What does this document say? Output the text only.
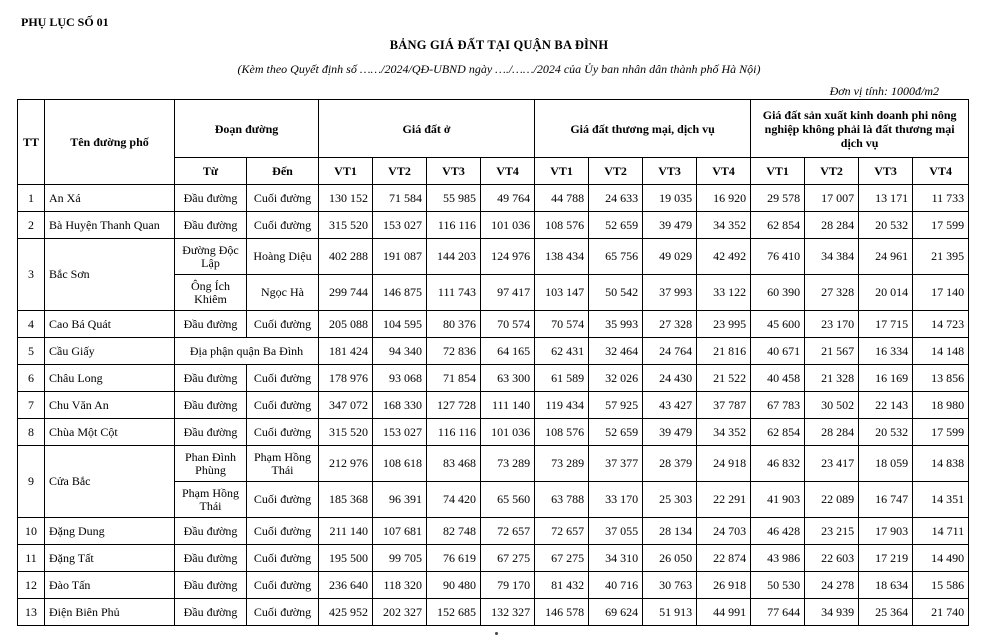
PHỤ LỤC SỐ 01
BẢNG GIÁ ĐẤT TẠI QUẬN BA ĐÌNH
(Kèm theo Quyết định số ……/2024/QĐ-UBND ngày …./……/2024 của Ủy ban nhân dân thành phố Hà Nội)
Đơn vị tính: 1000đ/m2
TT	Tên đường phố	Đoạn đường		Giá đất ở				Giá đất thương mại, dịch vụ				Giá đất sản xuất kinh doanh phi nông nghiệp không phải là đất thương mại dịch vụ			
		Từ	Đến	VT1	VT2	VT3	VT4	VT1	VT2	VT3	VT4	VT1	VT2	VT3	VT4
1	An Xá	Đầu đường	Cuối đường	130 152	71 584	55 985	49 764	44 788	24 633	19 035	16 920	29 578	17 007	13 171	11 733
2	Bà Huyện Thanh Quan	Đầu đường	Cuối đường	315 520	153 027	116 116	101 036	108 576	52 659	39 479	34 352	62 854	28 284	20 532	17 599
3	Bắc Sơn	Đường Độc Lập	Hoàng Diệu	402 288	191 087	144 203	124 976	138 434	65 756	49 029	42 492	76 410	34 384	24 961	21 395
		Ông Ích Khiêm	Ngọc Hà	299 744	146 875	111 743	97 417	103 147	50 542	37 993	33 122	60 390	27 328	20 014	17 140
4	Cao Bá Quát	Đầu đường	Cuối đường	205 088	104 595	80 376	70 574	70 574	35 993	27 328	23 995	45 600	23 170	17 715	14 723
5	Cầu Giấy	Địa phận quận Ba Đình		181 424	94 340	72 836	64 165	62 431	32 464	24 764	21 816	40 671	21 567	16 334	14 148
6	Châu Long	Đầu đường	Cuối đường	178 976	93 068	71 854	63 300	61 589	32 026	24 430	21 522	40 458	21 328	16 169	13 856
7	Chu Văn An	Đầu đường	Cuối đường	347 072	168 330	127 728	111 140	119 434	57 925	43 427	37 787	67 783	30 502	22 143	18 980
8	Chùa Một Cột	Đầu đường	Cuối đường	315 520	153 027	116 116	101 036	108 576	52 659	39 479	34 352	62 854	28 284	20 532	17 599
9	Cửa Bắc	Phan Đình Phùng	Phạm Hồng Thái	212 976	108 618	83 468	73 289	73 289	37 377	28 379	24 918	46 832	23 417	18 059	14 838
		Phạm Hồng Thái	Cuối đường	185 368	96 391	74 420	65 560	63 788	33 170	25 303	22 291	41 903	22 089	16 747	14 351
10	Đặng Dung	Đầu đường	Cuối đường	211 140	107 681	82 748	72 657	72 657	37 055	28 134	24 703	46 428	23 215	17 903	14 711
11	Đặng Tất	Đầu đường	Cuối đường	195 500	99 705	76 619	67 275	67 275	34 310	26 050	22 874	43 986	22 603	17 219	14 490
12	Đào Tấn	Đầu đường	Cuối đường	236 640	118 320	90 480	79 170	81 432	40 716	30 763	26 918	50 530	24 278	18 634	15 586
13	Điện Biên Phủ	Đầu đường	Cuối đường	425 952	202 327	152 685	132 327	146 578	69 624	51 913	44 991	77 644	34 939	25 364	21 740
